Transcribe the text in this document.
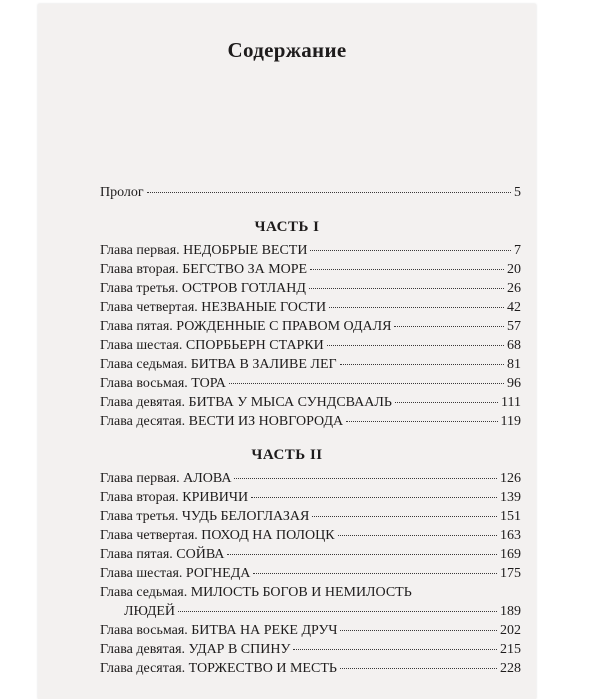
Содержание
Пролог	5
ЧАСТЬ I
Глава первая. НЕДОБРЫЕ ВЕСТИ	7
Глава вторая. БЕГСТВО ЗА МОРЕ	20
Глава третья. ОСТРОВ ГОТЛАНД	26
Глава четвертая. НЕЗВАНЫЕ ГОСТИ	42
Глава пятая. РОЖДЕННЫЕ С ПРАВОМ ОДАЛЯ	57
Глава шестая. СПОРБЬЕРН СТАРКИ	68
Глава седьмая. БИТВА В ЗАЛИВЕ ЛЕГ	81
Глава восьмая. ТОРА	96
Глава девятая. БИТВА У МЫСА СУНДСВААЛЬ	111
Глава десятая. ВЕСТИ ИЗ НОВГОРОДА	119
ЧАСТЬ II
Глава первая. АЛОВА	126
Глава вторая. КРИВИЧИ	139
Глава третья. ЧУДЬ БЕЛОГЛАЗАЯ	151
Глава четвертая. ПОХОД НА ПОЛОЦК	163
Глава пятая. СОЙВА	169
Глава шестая. РОГНЕДА	175
Глава седьмая. МИЛОСТЬ БОГОВ И НЕМИЛОСТЬ
ЛЮДЕЙ	189
Глава восьмая. БИТВА НА РЕКЕ ДРУЧ	202
Глава девятая. УДАР В СПИНУ	215
Глава десятая. ТОРЖЕСТВО И МЕСТЬ	228
